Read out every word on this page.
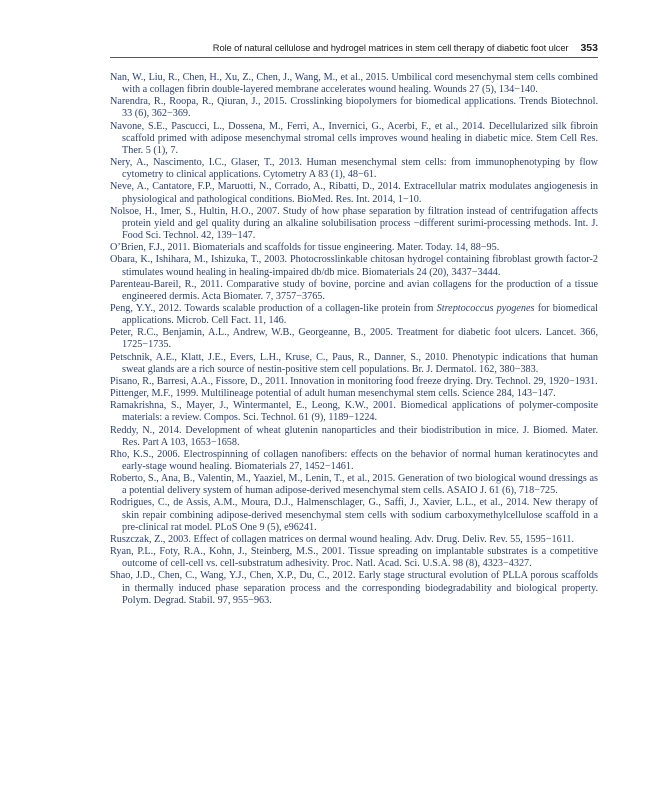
Role of natural cellulose and hydrogel matrices in stem cell therapy of diabetic foot ulcer 353
Nan, W., Liu, R., Chen, H., Xu, Z., Chen, J., Wang, M., et al., 2015. Umbilical cord mesenchymal stem cells combined with a collagen fibrin double-layered membrane accelerates wound healing. Wounds 27 (5), 134−140.
Narendra, R., Roopa, R., Qiuran, J., 2015. Crosslinking biopolymers for biomedical applications. Trends Biotechnol. 33 (6), 362−369.
Navone, S.E., Pascucci, L., Dossena, M., Ferri, A., Invernici, G., Acerbi, F., et al., 2014. Decellularized silk fibroin scaffold primed with adipose mesenchymal stromal cells improves wound healing in diabetic mice. Stem Cell Res. Ther. 5 (1), 7.
Nery, A., Nascimento, I.C., Glaser, T., 2013. Human mesenchymal stem cells: from immunophenotyping by flow cytometry to clinical applications. Cytometry A 83 (1), 48−61.
Neve, A., Cantatore, F.P., Maruotti, N., Corrado, A., Ribatti, D., 2014. Extracellular matrix modulates angiogenesis in physiological and pathological conditions. BioMed. Res. Int. 2014, 1−10.
Nolsoe, H., Imer, S., Hultin, H.O., 2007. Study of how phase separation by filtration instead of centrifugation affects protein yield and gel quality during an alkaline solubilisation process −different surimi-processing methods. Int. J. Food Sci. Technol. 42, 139−147.
O’Brien, F.J., 2011. Biomaterials and scaffolds for tissue engineering. Mater. Today. 14, 88−95.
Obara, K., Ishihara, M., Ishizuka, T., 2003. Photocrosslinkable chitosan hydrogel containing fibroblast growth factor-2 stimulates wound healing in healing-impaired db/db mice. Biomaterials 24 (20), 3437−3444.
Parenteau-Bareil, R., 2011. Comparative study of bovine, porcine and avian collagens for the production of a tissue engineered dermis. Acta Biomater. 7, 3757−3765.
Peng, Y.Y., 2012. Towards scalable production of a collagen-like protein from Streptococcus pyogenes for biomedical applications. Microb. Cell Fact. 11, 146.
Peter, R.C., Benjamin, A.L., Andrew, W.B., Georgeanne, B., 2005. Treatment for diabetic foot ulcers. Lancet. 366, 1725−1735.
Petschnik, A.E., Klatt, J.E., Evers, L.H., Kruse, C., Paus, R., Danner, S., 2010. Phenotypic indications that human sweat glands are a rich source of nestin-positive stem cell populations. Br. J. Dermatol. 162, 380−383.
Pisano, R., Barresi, A.A., Fissore, D., 2011. Innovation in monitoring food freeze drying. Dry. Technol. 29, 1920−1931.
Pittenger, M.F., 1999. Multilineage potential of adult human mesenchymal stem cells. Science 284, 143−147.
Ramakrishna, S., Mayer, J., Wintermantel, E., Leong, K.W., 2001. Biomedical applications of polymer-composite materials: a review. Compos. Sci. Technol. 61 (9), 1189−1224.
Reddy, N., 2014. Development of wheat glutenin nanoparticles and their biodistribution in mice. J. Biomed. Mater. Res. Part A 103, 1653−1658.
Rho, K.S., 2006. Electrospinning of collagen nanofibers: effects on the behavior of normal human keratinocytes and early-stage wound healing. Biomaterials 27, 1452−1461.
Roberto, S., Ana, B., Valentin, M., Yaaziel, M., Lenin, T., et al., 2015. Generation of two biological wound dressings as a potential delivery system of human adipose-derived mesenchymal stem cells. ASAIO J. 61 (6), 718−725.
Rodrigues, C., de Assis, A.M., Moura, D.J., Halmenschlager, G., Saffi, J., Xavier, L.L., et al., 2014. New therapy of skin repair combining adipose-derived mesenchymal stem cells with sodium carboxymethylcellulose scaffold in a pre-clinical rat model. PLoS One 9 (5), e96241.
Ruszczak, Z., 2003. Effect of collagen matrices on dermal wound healing. Adv. Drug. Deliv. Rev. 55, 1595−1611.
Ryan, P.L., Foty, R.A., Kohn, J., Steinberg, M.S., 2001. Tissue spreading on implantable substrates is a competitive outcome of cell-cell vs. cell-substratum adhesivity. Proc. Natl. Acad. Sci. U.S.A. 98 (8), 4323−4327.
Shao, J.D., Chen, C., Wang, Y.J., Chen, X.P., Du, C., 2012. Early stage structural evolution of PLLA porous scaffolds in thermally induced phase separation process and the corresponding biodegradability and biological property. Polym. Degrad. Stabil. 97, 955−963.
